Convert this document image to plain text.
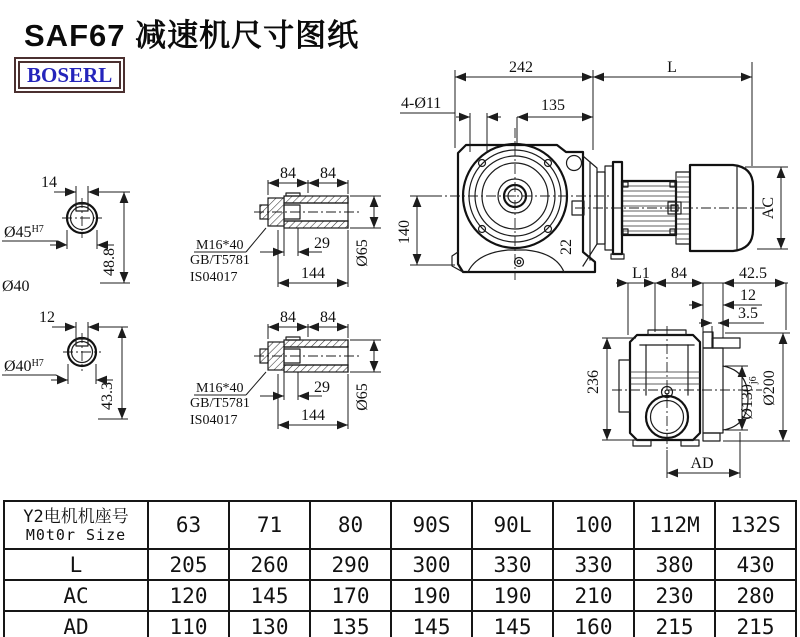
242	L
135
4-Ø11
140
22
AC
14
$Ø45^{H7}$
48.8
Ø40
12
$Ø40^{H7}$
43.3
84 84
29
144
Ø65
M16*40
GB/T5781
IS04017
84 84
29
144
Ø65
M16*40
GB/T5781
IS04017
236
L1 84	42.5
12
3.5
$Ø130_{j6}$ Ø200
AD
SAF67 减速机尺寸图纸
BOSERL
Y2电机机座号
M0t0r Size	63	71	80	90S	90L	100	112M	132S
L	205	260	290	300	330	330	380	430
AC	120	145	170	190	190	210	230	280
AD	110	130	135	145	145	160	215	215
